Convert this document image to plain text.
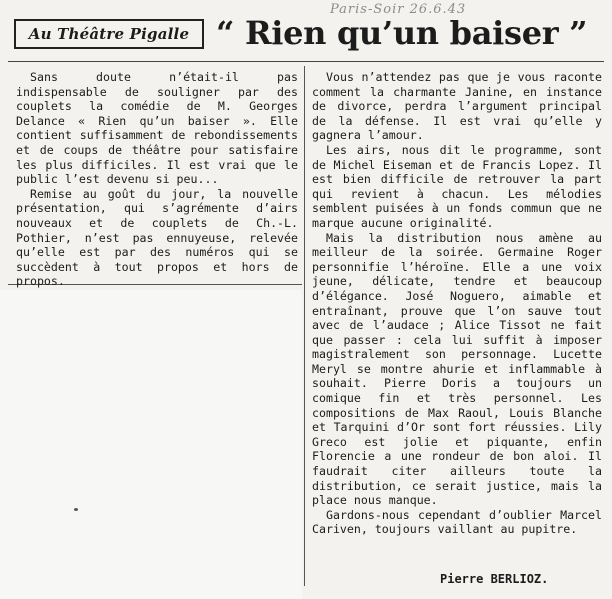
Paris-Soir 26.6.43
Au Théâtre Pigalle “ Rien qu’un baiser ”

Sans doute n’était-il pas indispensable de souligner par des couplets la comédie de M. Georges Delance « Rien qu’un baiser ». Elle contient suffisamment de rebondissements et de coups de théâtre pour satisfaire les plus difficiles. Il est vrai que le public l’est devenu si peu...

Remise au goût du jour, la nouvelle présentation, qui s’agrémente d’airs nouveaux et de couplets de Ch.-L. Pothier, n’est pas ennuyeuse, relevée qu’elle est par des numéros qui se succèdent à tout propos et hors de propos.

Vous n’attendez pas que je vous raconte comment la charmante Janine, en instance de divorce, perdra l’argument principal de la défense. Il est vrai qu’elle y gagnera l’amour.

Les airs, nous dit le programme, sont de Michel Eiseman et de Francis Lopez. Il est bien difficile de retrouver la part qui revient à chacun. Les mélodies semblent puisées à un fonds commun que ne marque aucune originalité.

Mais la distribution nous amène au meilleur de la soirée. Germaine Roger personnifie l’héroïne. Elle a une voix jeune, délicate, tendre et beaucoup d’élégance. José Noguero, aimable et entraînant, prouve que l’on sauve tout avec de l’audace ; Alice Tissot ne fait que passer : cela lui suffit à imposer magistralement son personnage. Lucette Meryl se montre ahurie et inflammable à souhait. Pierre Doris a toujours un comique fin et très personnel. Les compositions de Max Raoul, Louis Blanche et Tarquini d’Or sont fort réussies. Lily Greco est jolie et piquante, enfin Florencie a une rondeur de bon aloi. Il faudrait citer ailleurs toute la distribution, ce serait justice, mais la place nous manque.

Gardons-nous cependant d’oublier Marcel Cariven, toujours vaillant au pupitre.

Pierre BERLIOZ.
